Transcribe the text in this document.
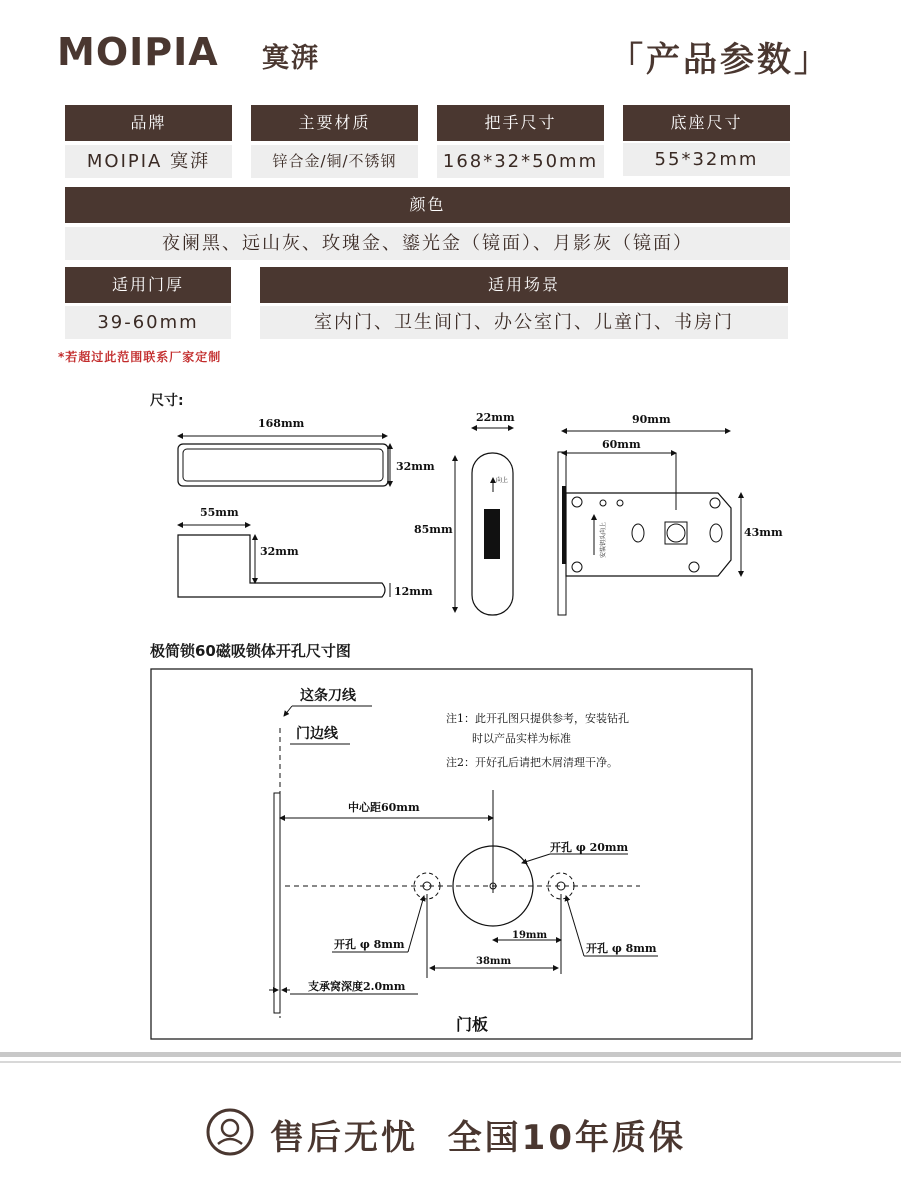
MOIPIA 寞湃	「产品参数」
品牌	主要材质	把手尺寸	底座尺寸
MOIPIA 寞湃	锌合金/铜/不锈钢	168*32*50mm	55*32mm
颜色
夜阑黑、远山灰、玫瑰金、鎏光金（镜面）、月影灰（镜面）
适用门厚	适用场景
39-60mm	室内门、卫生间门、办公室门、儿童门、书房门
*若超过此范围联系厂家定制
尺寸:
168mm
32mm
55mm
32mm
12mm
22mm
85mm
向上
90mm
60mm
安装钥头向上	43mm
极简锁60磁吸锁体开孔尺寸图
这条刀线
门边线
注1：此开孔图只提供参考，安装钻孔
时以产品实样为标准
注2：开好孔后请把木屑清理干净。
中心距60mm
开孔 φ 20mm
19mm
38mm
开孔 φ 8mm	开孔 φ 8mm
支承窝深度2.0mm
门板
售后无忧  全国10年质保
